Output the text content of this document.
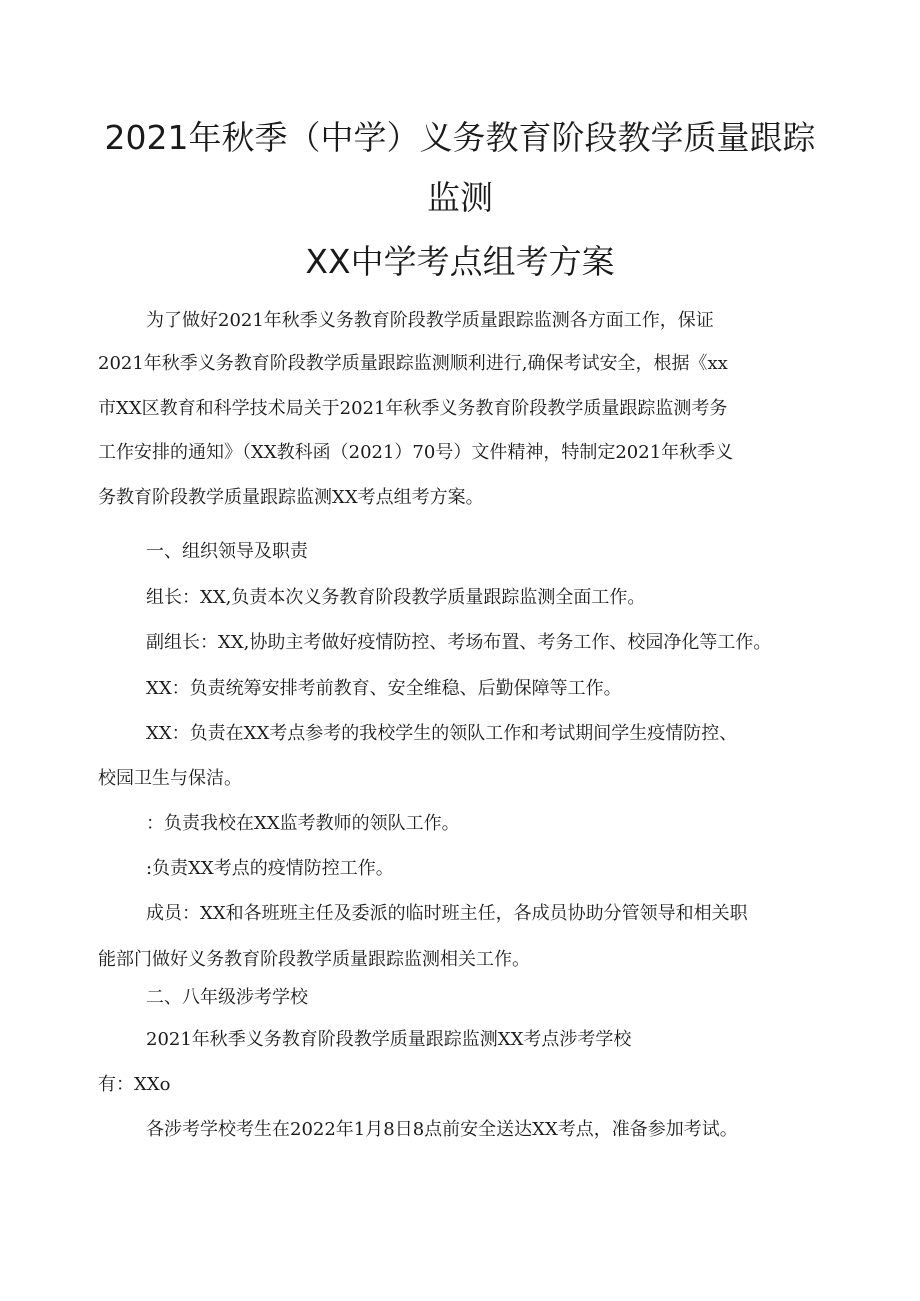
2021年秋季（中学）义务教育阶段教学质量跟踪
监测
XX中学考点组考方案
为了做好2021年秋季义务教育阶段教学质量跟踪监测各方面工作，保证
2021年秋季义务教育阶段教学质量跟踪监测顺利进行,确保考试安全，根据《xx
市XX区教育和科学技术局关于2021年秋季义务教育阶段教学质量跟踪监测考务
工作安排的通知》（XX教科函（2021）70号）文件精神，特制定2021年秋季义
务教育阶段教学质量跟踪监测XX考点组考方案。
一、组织领导及职责
组长：XX,负责本次义务教育阶段教学质量跟踪监测全面工作。
副组长：XX,协助主考做好疫情防控、考场布置、考务工作、校园净化等工作。
XX：负责统筹安排考前教育、安全维稳、后勤保障等工作。
XX：负责在XX考点参考的我校学生的领队工作和考试期间学生疫情防控、
校园卫生与保洁。
：负责我校在XX监考教师的领队工作。
:负责XX考点的疫情防控工作。
成员：XX和各班班主任及委派的临时班主任，各成员协助分管领导和相关职
能部门做好义务教育阶段教学质量跟踪监测相关工作。
二、八年级涉考学校
2021年秋季义务教育阶段教学质量跟踪监测XX考点涉考学校
有：XXo
各涉考学校考生在2022年1月8日8点前安全送达XX考点，准备参加考试。
